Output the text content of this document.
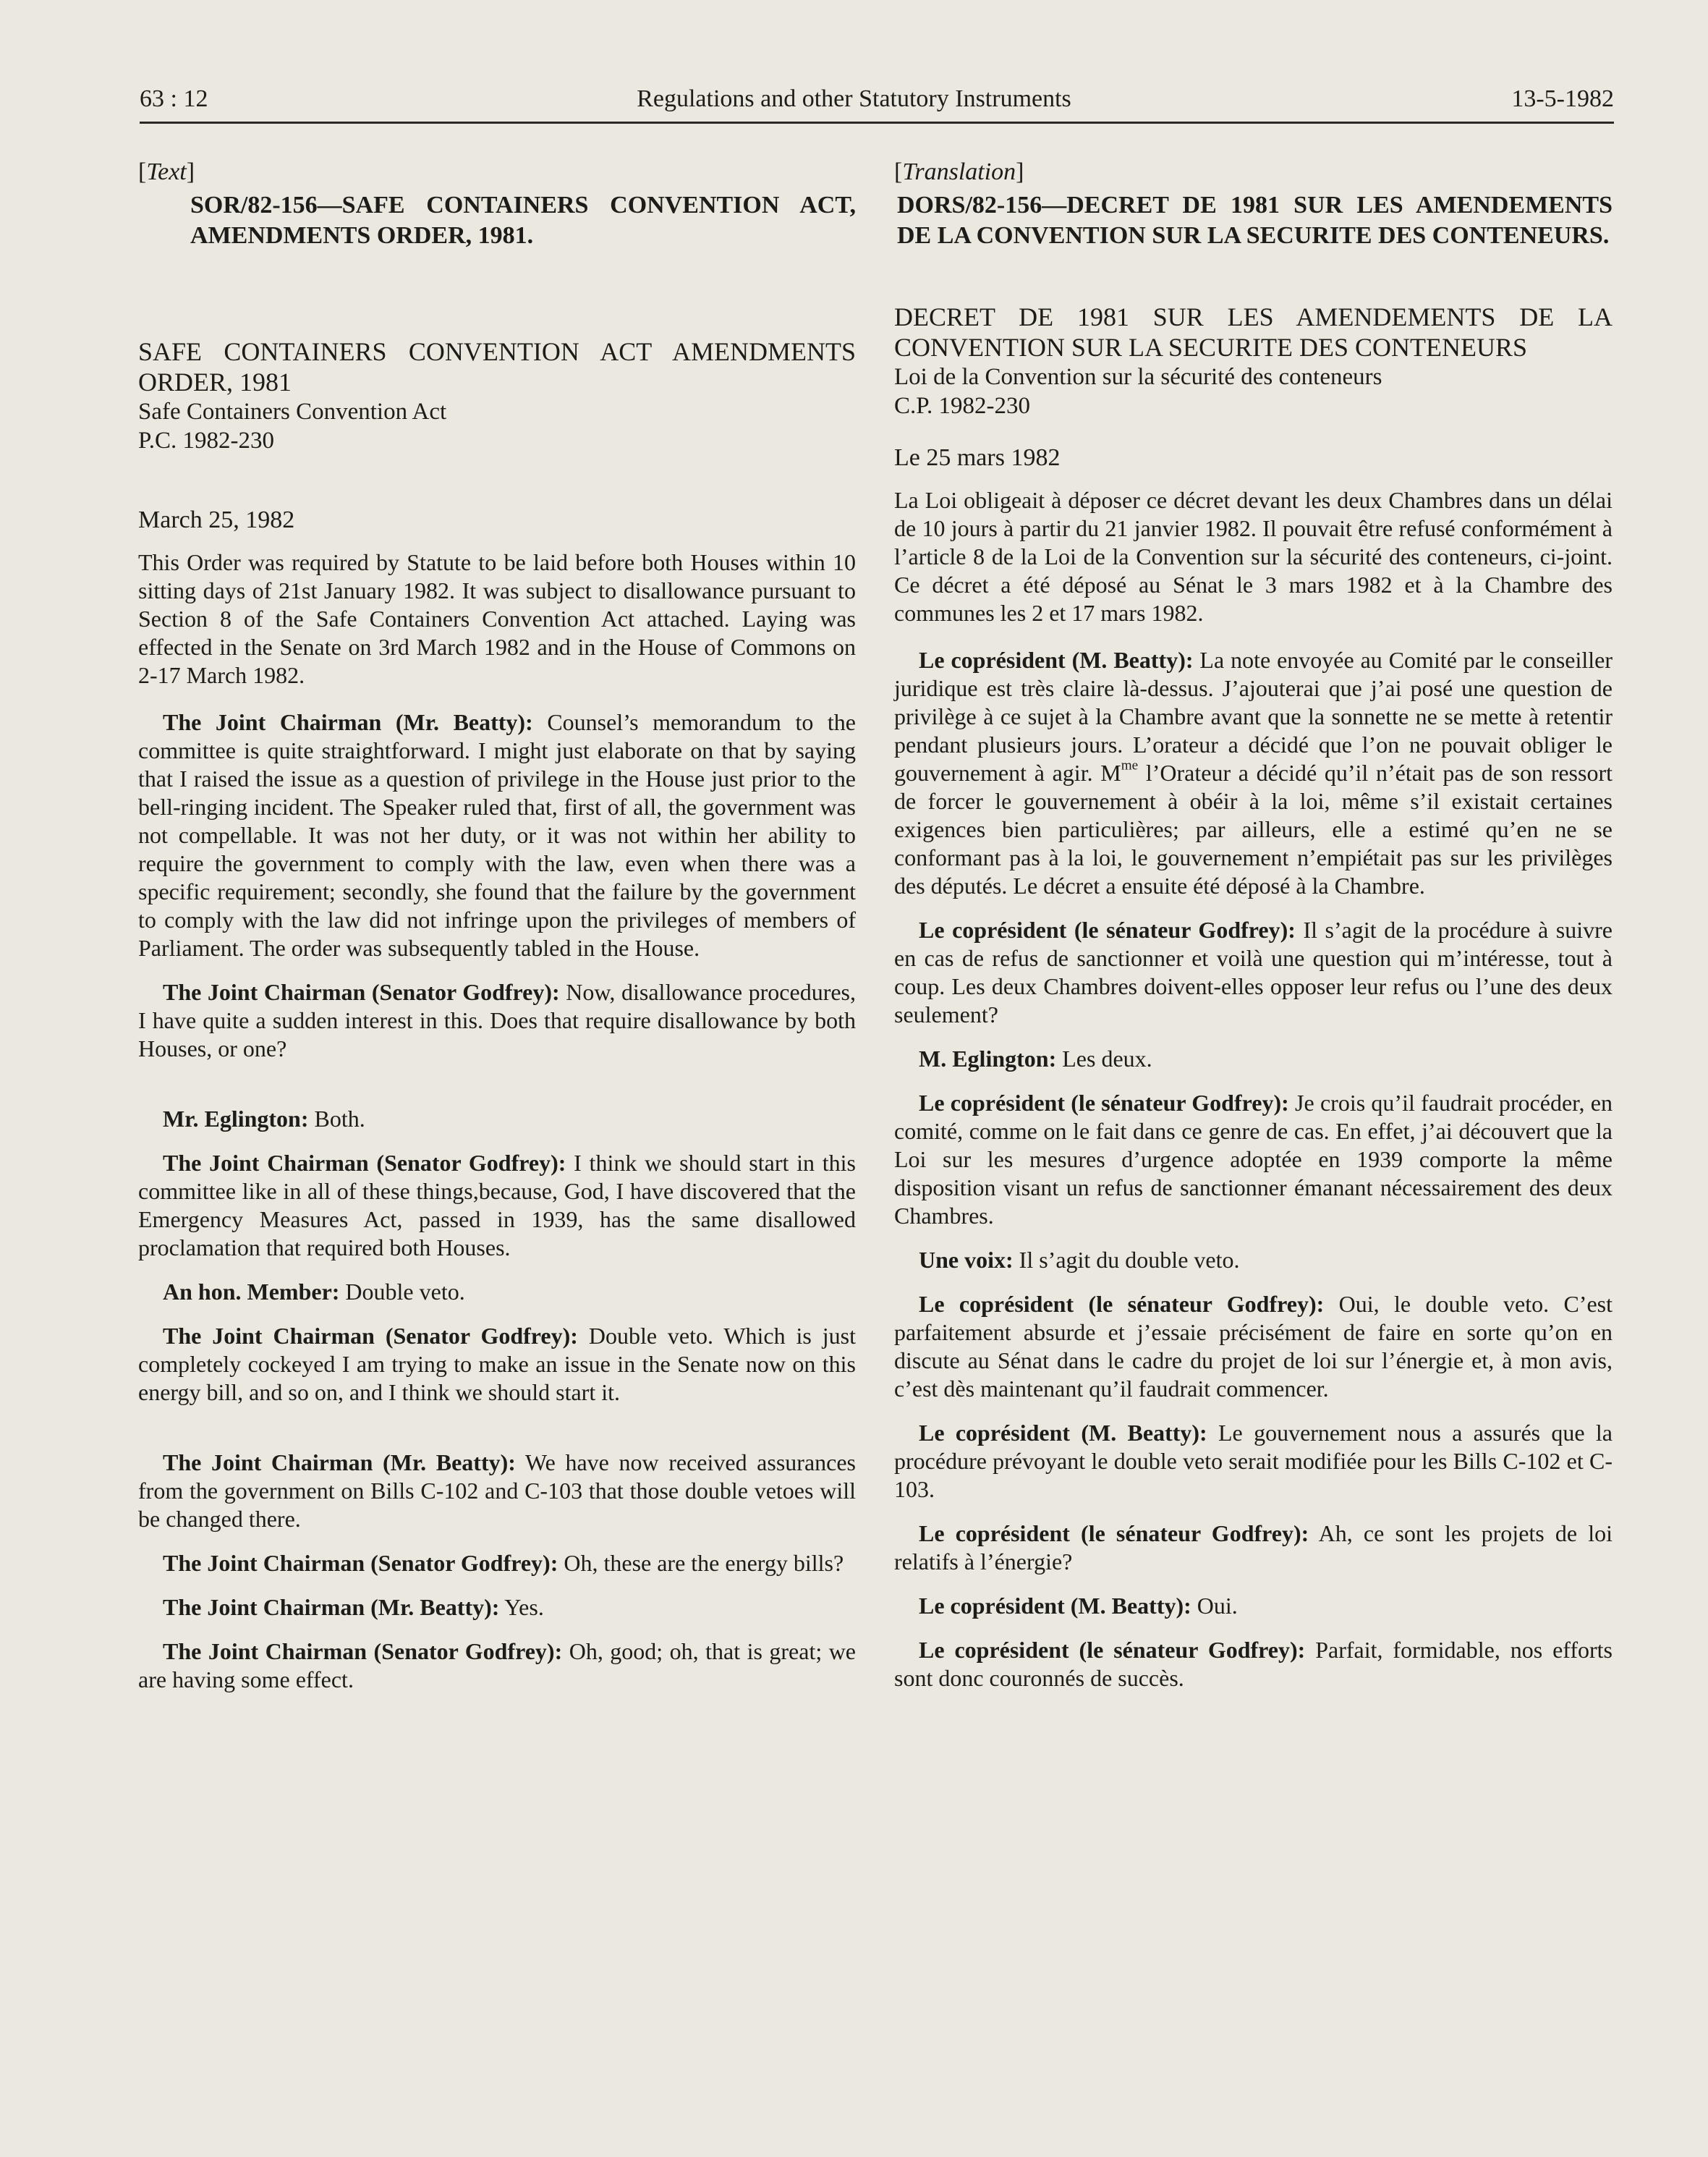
63 : 12	Regulations and other Statutory Instruments	13-5-1982

[Text]

SOR/82-156—SAFE CONTAINERS CONVENTION ACT, AMENDMENTS ORDER, 1981.

SAFE CONTAINERS CONVENTION ACT AMENDMENTS ORDER, 1981

Safe Containers Convention Act

P.C. 1982-230

March 25, 1982

This Order was required by Statute to be laid before both Houses within 10 sitting days of 21st January 1982. It was subject to disallowance pursuant to Section 8 of the Safe Containers Convention Act attached. Laying was effected in the Senate on 3rd March 1982 and in the House of Commons on 2-17 March 1982.

The Joint Chairman (Mr. Beatty): Counsel’s memorandum to the committee is quite straightforward. I might just elaborate on that by saying that I raised the issue as a question of privilege in the House just prior to the bell-ringing incident. The Speaker ruled that, first of all, the government was not compellable. It was not her duty, or it was not within her ability to require the government to comply with the law, even when there was a specific requirement; secondly, she found that the failure by the government to comply with the law did not infringe upon the privileges of members of Parliament. The order was subsequently tabled in the House.

The Joint Chairman (Senator Godfrey): Now, disallowance procedures, I have quite a sudden interest in this. Does that require disallowance by both Houses, or one?

Mr. Eglington: Both.

The Joint Chairman (Senator Godfrey): I think we should start in this committee like in all of these things,because, God, I have discovered that the Emergency Measures Act, passed in 1939, has the same disallowed proclamation that required both Houses.

An hon. Member: Double veto.

The Joint Chairman (Senator Godfrey): Double veto. Which is just completely cockeyed I am trying to make an issue in the Senate now on this energy bill, and so on, and I think we should start it.

The Joint Chairman (Mr. Beatty): We have now received assurances from the government on Bills C-102 and C-103 that those double vetoes will be changed there.

The Joint Chairman (Senator Godfrey): Oh, these are the energy bills?

The Joint Chairman (Mr. Beatty): Yes.

The Joint Chairman (Senator Godfrey): Oh, good; oh, that is great; we are having some effect.

[Translation]

DORS/82-156—DECRET DE 1981 SUR LES AMENDEMENTS DE LA CONVENTION SUR LA SECURITE DES CONTENEURS.

DECRET DE 1981 SUR LES AMENDEMENTS DE LA CONVENTION SUR LA SECURITE DES CONTENEURS

Loi de la Convention sur la sécurité des conteneurs

C.P. 1982-230

Le 25 mars 1982

La Loi obligeait à déposer ce décret devant les deux Chambres dans un délai de 10 jours à partir du 21 janvier 1982. Il pouvait être refusé conformément à l’article 8 de la Loi de la Convention sur la sécurité des conteneurs, ci-joint. Ce décret a été déposé au Sénat le 3 mars 1982 et à la Chambre des communes les 2 et 17 mars 1982.

Le coprésident (M. Beatty): La note envoyée au Comité par le conseiller juridique est très claire là-dessus. J’ajouterai que j’ai posé une question de privilège à ce sujet à la Chambre avant que la sonnette ne se mette à retentir pendant plusieurs jours. L’orateur a décidé que l’on ne pouvait obliger le gouvernement à agir. $M^{me}$ l’Orateur a décidé qu’il n’était pas de son ressort de forcer le gouvernement à obéir à la loi, même s’il existait certaines exigences bien particulières; par ailleurs, elle a estimé qu’en ne se conformant pas à la loi, le gouvernement n’empiétait pas sur les privilèges des députés. Le décret a ensuite été déposé à la Chambre.

Le coprésident (le sénateur Godfrey): Il s’agit de la procédure à suivre en cas de refus de sanctionner et voilà une question qui m’intéresse, tout à coup. Les deux Chambres doivent-elles opposer leur refus ou l’une des deux seulement?

M. Eglington: Les deux.

Le coprésident (le sénateur Godfrey): Je crois qu’il faudrait procéder, en comité, comme on le fait dans ce genre de cas. En effet, j’ai découvert que la Loi sur les mesures d’urgence adoptée en 1939 comporte la même disposition visant un refus de sanctionner émanant nécessairement des deux Chambres.

Une voix: Il s’agit du double veto.

Le coprésident (le sénateur Godfrey): Oui, le double veto. C’est parfaitement absurde et j’essaie précisément de faire en sorte qu’on en discute au Sénat dans le cadre du projet de loi sur l’énergie et, à mon avis, c’est dès maintenant qu’il faudrait commencer.

Le coprésident (M. Beatty): Le gouvernement nous a assurés que la procédure prévoyant le double veto serait modifiée pour les Bills C-102 et C-103.

Le coprésident (le sénateur Godfrey): Ah, ce sont les projets de loi relatifs à l’énergie?

Le coprésident (M. Beatty): Oui.

Le coprésident (le sénateur Godfrey): Parfait, formidable, nos efforts sont donc couronnés de succès.
